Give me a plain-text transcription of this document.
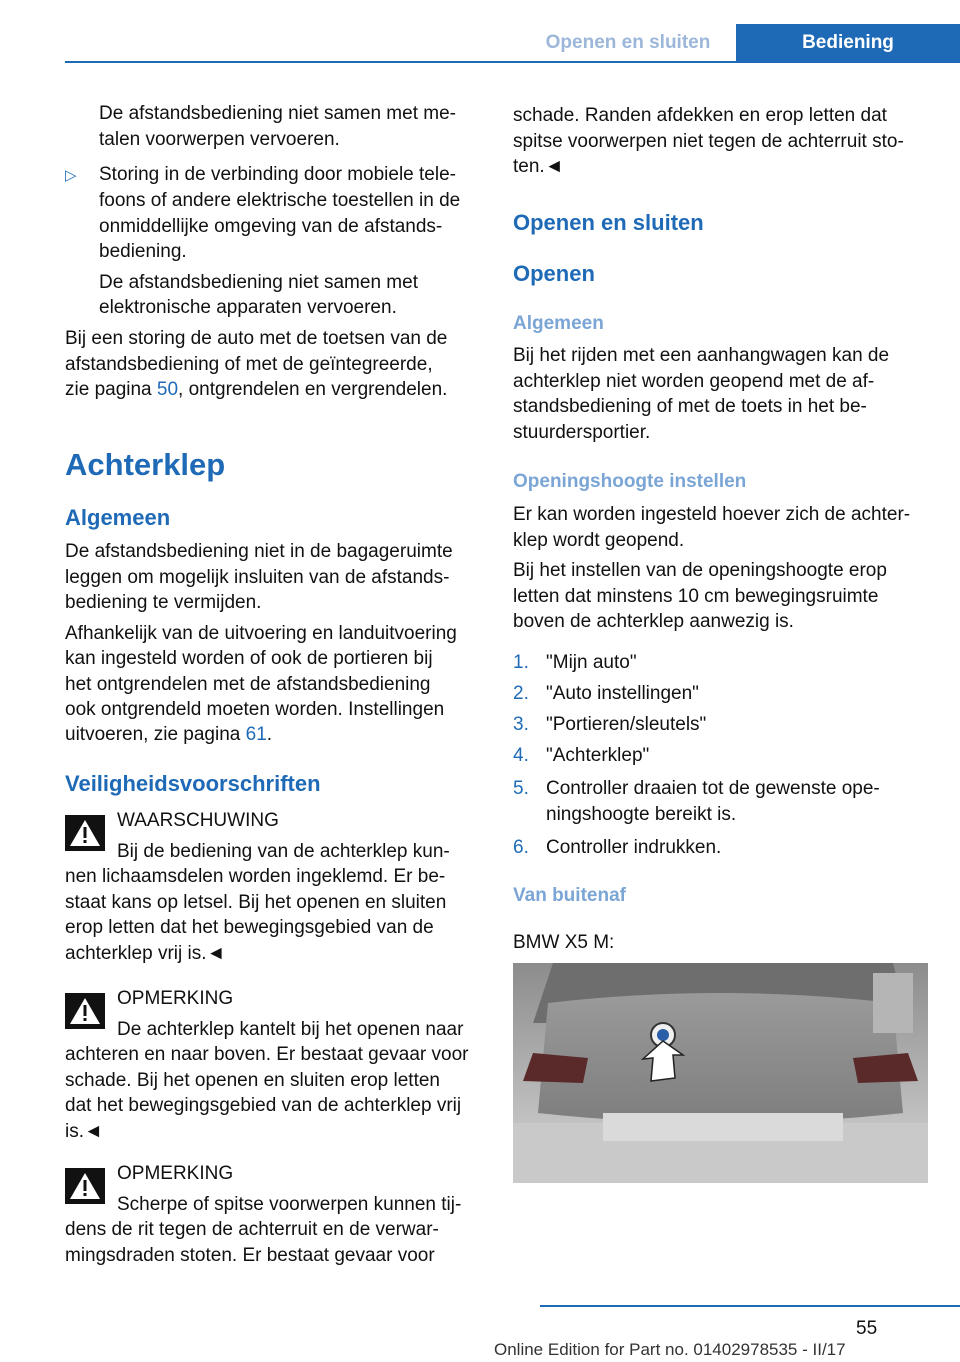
Openen en sluiten	Bediening
De afstandsbediening niet samen met me-
talen voorwerpen vervoeren.
▷ Storing in de verbinding door mobiele tele-
foons of andere elektrische toestellen in de
onmiddellijke omgeving van de afstands-
bediening.
De afstandsbediening niet samen met
elektronische apparaten vervoeren.
Bij een storing de auto met de toetsen van de
afstandsbediening of met de geïntegreerde,
zie pagina 50, ontgrendelen en vergrendelen.
Achterklep
Algemeen
De afstandsbediening niet in de bagageruimte
leggen om mogelijk insluiten van de afstands-
bediening te vermijden.
Afhankelijk van de uitvoering en landuitvoering
kan ingesteld worden of ook de portieren bij
het ontgrendelen met de afstandsbediening
ook ontgrendeld moeten worden. Instellingen
uitvoeren, zie pagina 61.
Veiligheidsvoorschriften
WAARSCHUWING
Bij de bediening van de achterklep kun-
nen lichaamsdelen worden ingeklemd. Er be-
staat kans op letsel. Bij het openen en sluiten
erop letten dat het bewegingsgebied van de
achterklep vrij is.◄
OPMERKING
De achterklep kantelt bij het openen naar
achteren en naar boven. Er bestaat gevaar voor
schade. Bij het openen en sluiten erop letten
dat het bewegingsgebied van de achterklep vrij
is.◄
OPMERKING
Scherpe of spitse voorwerpen kunnen tij-
dens de rit tegen de achterruit en de verwar-
mingsdraden stoten. Er bestaat gevaar voor
schade. Randen afdekken en erop letten dat
spitse voorwerpen niet tegen de achterruit sto-
ten.◄
Openen en sluiten
Openen
Algemeen
Bij het rijden met een aanhangwagen kan de
achterklep niet worden geopend met de af-
standsbediening of met de toets in het be-
stuurdersportier.
Openingshoogte instellen
Er kan worden ingesteld hoever zich de achter-
klep wordt geopend.
Bij het instellen van de openingshoogte erop
letten dat minstens 10 cm bewegingsruimte
boven de achterklep aanwezig is.
1. "Mijn auto"
2. "Auto instellingen"
3. "Portieren/sleutels"
4. "Achterklep"
5. Controller draaien tot de gewenste ope-
ningshoogte bereikt is.
6. Controller indrukken.
Van buitenaf
BMW X5 M:
55
Online Edition for Part no. 01402978535 - II/17
